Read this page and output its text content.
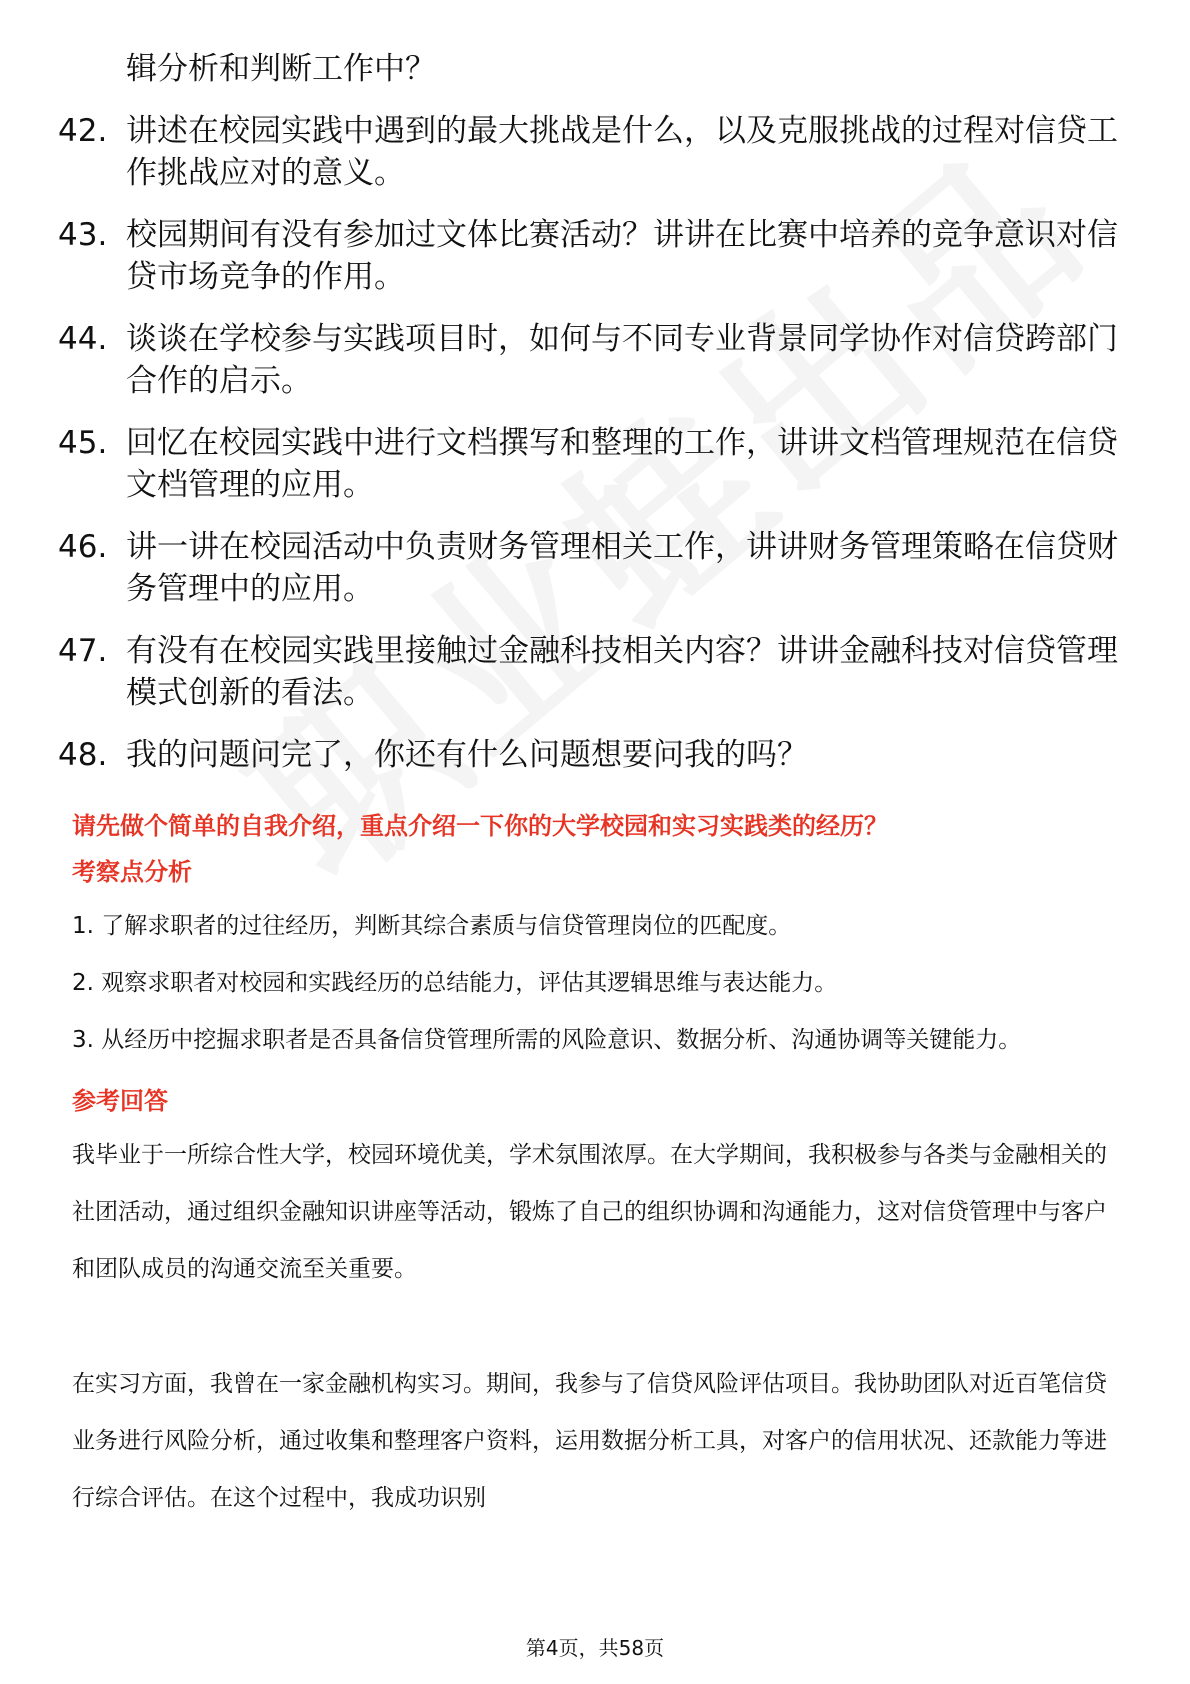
辑分析和判断工作中？
42. 讲述在校园实践中遇到的最大挑战是什么，以及克服挑战的过程对信贷工作挑战应对的意义。
43. 校园期间有没有参加过文体比赛活动？讲讲在比赛中培养的竞争意识对信贷市场竞争的作用。
44. 谈谈在学校参与实践项目时，如何与不同专业背景同学协作对信贷跨部门合作的启示。
45. 回忆在校园实践中进行文档撰写和整理的工作，讲讲文档管理规范在信贷文档管理的应用。
46. 讲一讲在校园活动中负责财务管理相关工作，讲讲财务管理策略在信贷财务管理中的应用。
47. 有没有在校园实践里接触过金融科技相关内容？讲讲金融科技对信贷管理模式创新的看法。
48. 我的问题问完了，你还有什么问题想要问我的吗？
请先做个简单的自我介绍，重点介绍一下你的大学校园和实习实践类的经历？
考察点分析
1. 了解求职者的过往经历，判断其综合素质与信贷管理岗位的匹配度。
2. 观察求职者对校园和实践经历的总结能力，评估其逻辑思维与表达能力。
3. 从经历中挖掘求职者是否具备信贷管理所需的风险意识、数据分析、沟通协调等关键能力。
参考回答
我毕业于一所综合性大学，校园环境优美，学术氛围浓厚。在大学期间，我积极参与各类与金融相关的社团活动，通过组织金融知识讲座等活动，锻炼了自己的组织协调和沟通能力，这对信贷管理中与客户和团队成员的沟通交流至关重要。
在实习方面，我曾在一家金融机构实习。期间，我参与了信贷风险评估项目。我协助团队对近百笔信贷业务进行风险分析，通过收集和整理客户资料，运用数据分析工具，对客户的信用状况、还款能力等进行综合评估。在这个过程中，我成功识别
第4页，共58页
